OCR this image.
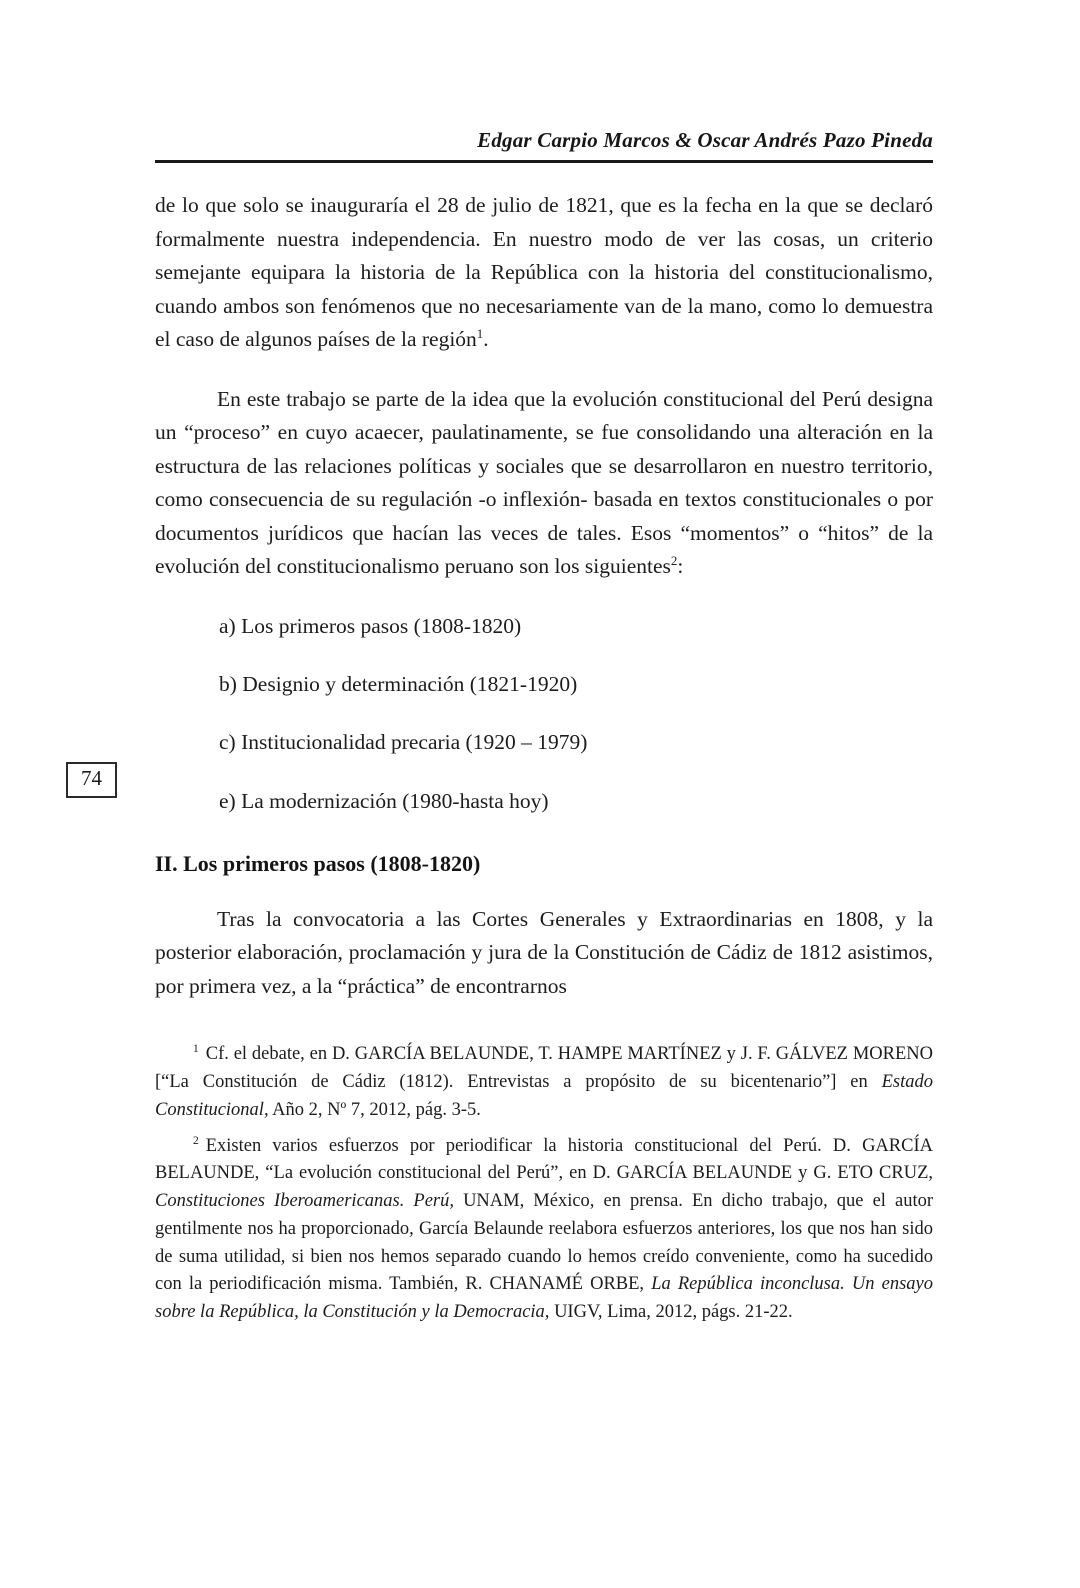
74
Edgar Carpio Marcos & Oscar Andrés Pazo Pineda

de lo que solo se inauguraría el 28 de julio de 1821, que es la fecha en la que se declaró formalmente nuestra independencia. En nuestro modo de ver las cosas, un criterio semejante equipara la historia de la República con la historia del constitucionalismo, cuando ambos son fenómenos que no necesariamente van de la mano, como lo demuestra el caso de algunos países de la región$^1$.

En este trabajo se parte de la idea que la evolución constitucional del Perú designa un “proceso” en cuyo acaecer, paulatinamente, se fue consolidando una alteración en la estructura de las relaciones políticas y sociales que se desarrollaron en nuestro territorio, como consecuencia de su regulación -o inflexión- basada en textos constitucionales o por documentos jurídicos que hacían las veces de tales. Esos “momentos” o “hitos” de la evolución del constitucionalismo peruano son los siguientes$^2$:

a) Los primeros pasos (1808-1820)
b) Designio y determinación (1821-1920)
c) Institucionalidad precaria (1920 – 1979)
e) La modernización (1980-hasta hoy)
II. Los primeros pasos (1808-1820)

Tras la convocatoria a las Cortes Generales y Extraordinarias en 1808, y la posterior elaboración, proclamación y jura de la Constitución de Cádiz de 1812 asistimos, por primera vez, a la “práctica” de encontrarnos

$^1$ Cf. el debate, en D. GARCÍA BELAUNDE, T. HAMPE MARTÍNEZ y J. F. GÁLVEZ MORENO [“La Constitución de Cádiz (1812). Entrevistas a propósito de su bicentenario”] en Estado Constitucional, Año 2, Nº 7, 2012, pág. 3-5.

$^2$ Existen varios esfuerzos por periodificar la historia constitucional del Perú. D. GARCÍA BELAUNDE, “La evolución constitucional del Perú”, en D. GARCÍA BELAUNDE y G. ETO CRUZ, Constituciones Iberoamericanas. Perú, UNAM, México, en prensa. En dicho trabajo, que el autor gentilmente nos ha proporcionado, García Belaunde reelabora esfuerzos anteriores, los que nos han sido de suma utilidad, si bien nos hemos separado cuando lo hemos creído conveniente, como ha sucedido con la periodificación misma. También, R. CHANAMÉ ORBE, La República inconclusa. Un ensayo sobre la República, la Constitución y la Democracia, UIGV, Lima, 2012, págs. 21-22.
